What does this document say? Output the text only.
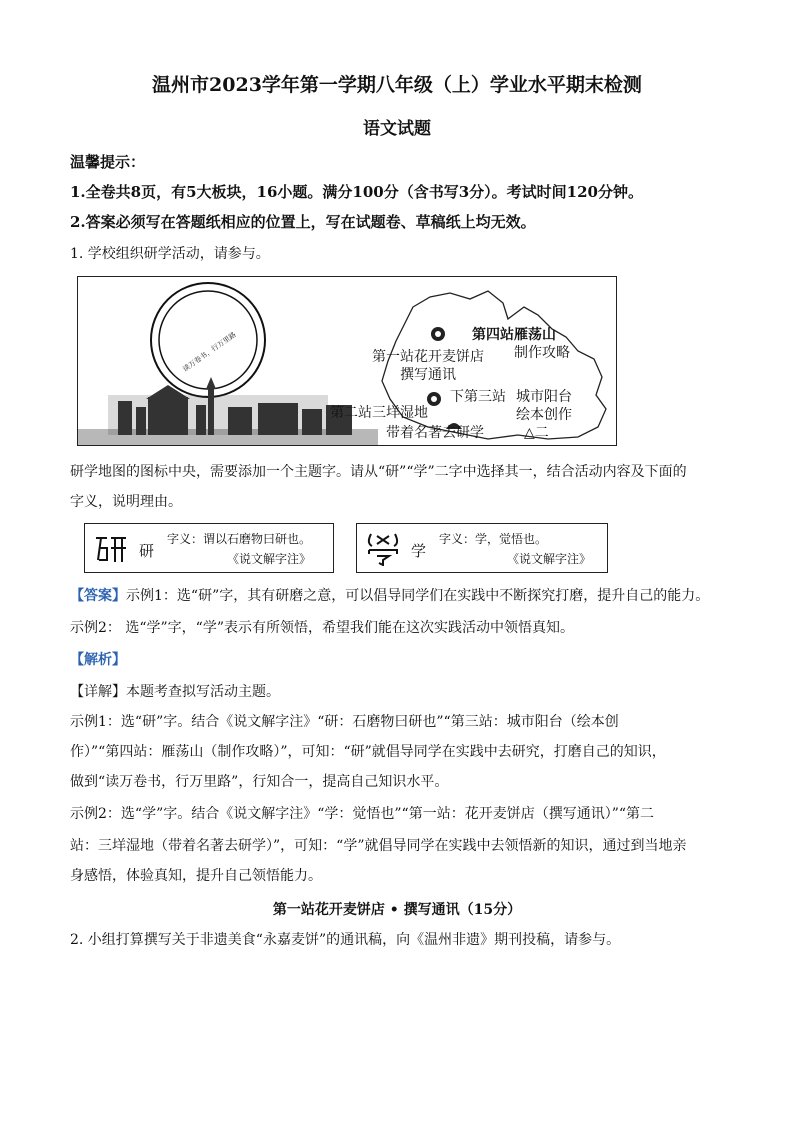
温州市2023学年第一学期八年级（上）学业水平期末检测
语文试题
温馨提示：
1.全卷共8页，有5大板块，16小题。满分100分（含书写3分）。考试时间120分钟。
2.答案必须写在答题纸相应的位置上，写在试题卷、草稿纸上均无效。
1. 学校组织研学活动，请参与。
读万卷书，行万里路	第一站花开麦饼店
撰写通讯
第四站雁荡山
制作攻略
下 第三站 城市阳台
绘本创作
第二站三垟湿地
带着名著去研学	△二
研学地图的图标中央，需要添加一个主题字。请从“研”“学”二字中选择其一，结合活动内容及下面的
字义，说明理由。
研
字义：谓以石磨物曰研也。
《说文解字注》	学
字义：学，觉悟也。
《说文解字注》
【答案】示例1：选“研”字，其有研磨之意，可以倡导同学们在实践中不断探究打磨，提升自己的能力。
示例2： 选“学”字，“学”表示有所领悟，希望我们能在这次实践活动中领悟真知。
【解析】
【详解】本题考查拟写活动主题。
示例1：选“研”字。结合《说文解字注》“研：石磨物曰研也”“第三站：城市阳台（绘本创
作）”“第四站：雁荡山（制作攻略）”，可知：“研”就倡导同学在实践中去研究，打磨自己的知识，
做到“读万卷书，行万里路”，行知合一，提高自己知识水平。
示例2：选“学”字。结合《说文解字注》“学：觉悟也”“第一站：花开麦饼店（撰写通讯）”“第二
站：三垟湿地（带着名著去研学）”，可知：“学”就倡导同学在实践中去领悟新的知识，通过到当地亲
身感悟，体验真知，提升自己领悟能力。
第一站花开麦饼店 • 撰写通讯（15分）
2. 小组打算撰写关于非遗美食“永嘉麦饼”的通讯稿，向《温州非遗》期刊投稿，请参与。
